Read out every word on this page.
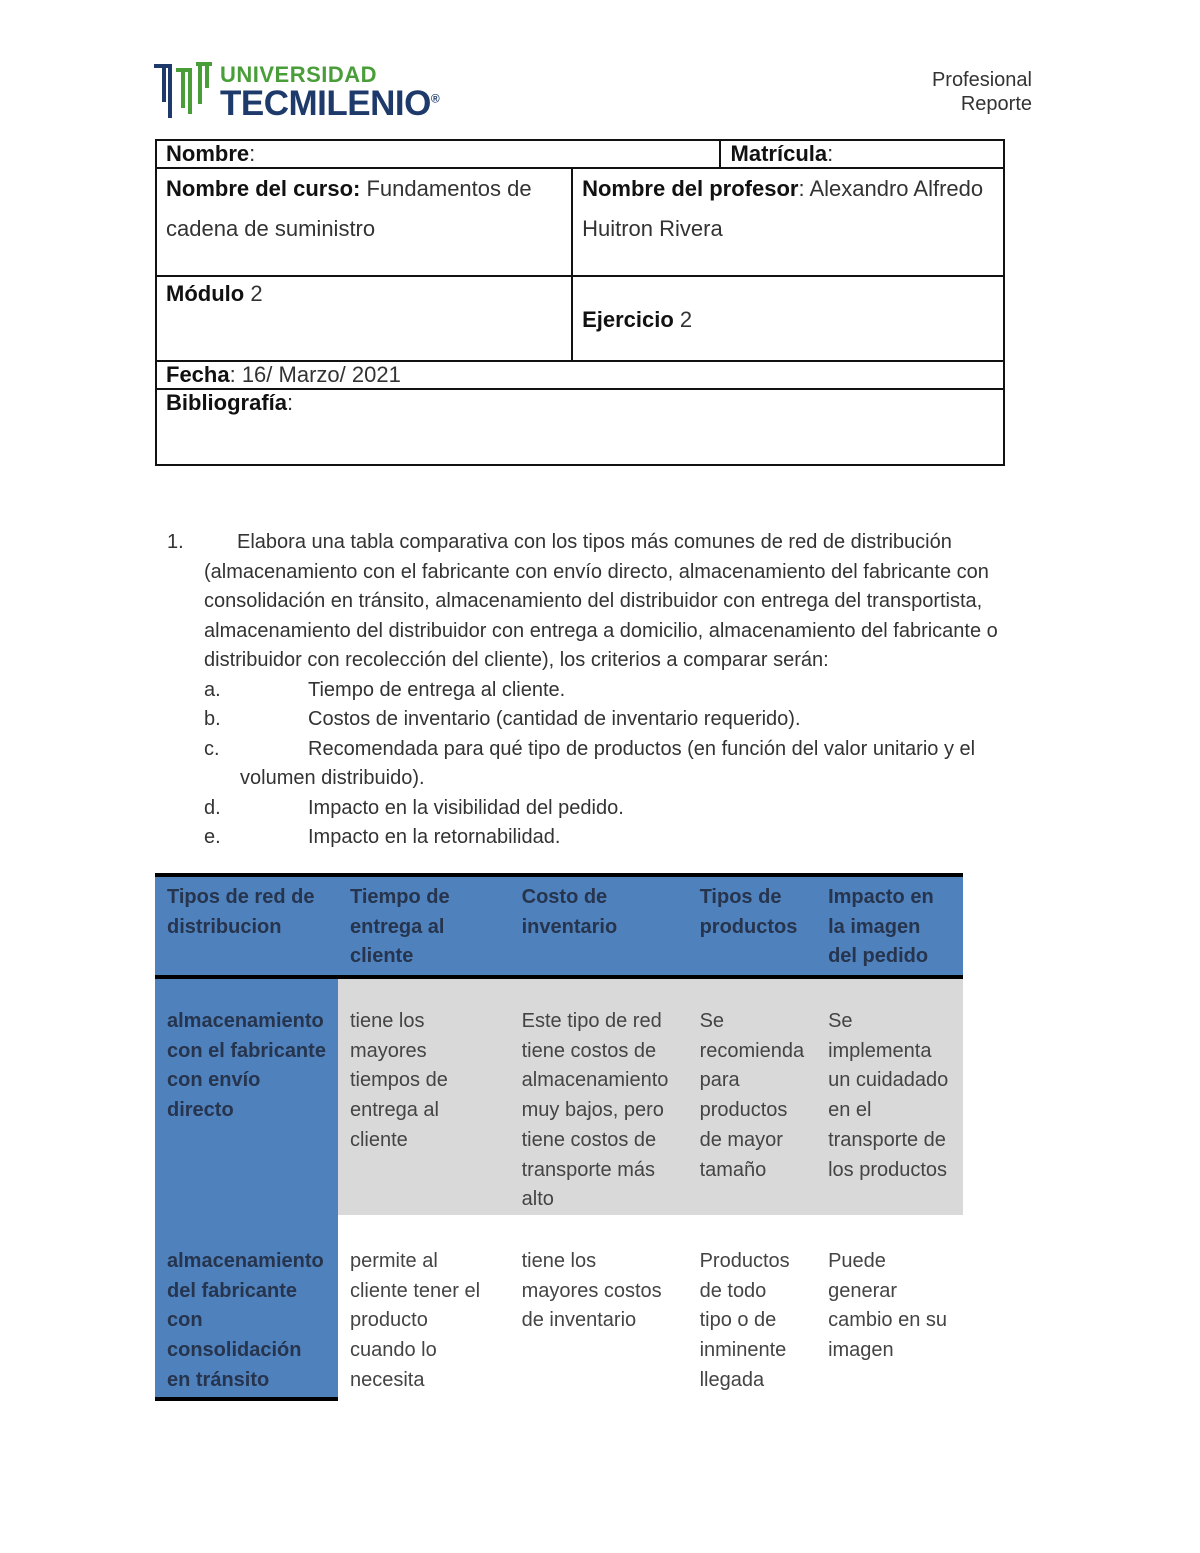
UNIVERSIDAD
TECMILENIO®
Profesional
Reporte
Nombre:		Matrícula:
Nombre del curso: Fundamentos de cadena de suministro	Nombre del profesor: Alexandro Alfredo Huitron Rivera	
Módulo 2	Ejercicio 2	
Fecha: 16/ Marzo/ 2021		
Bibliografía:		
1.	Elabora una tabla comparativa con los tipos más comunes de red de distribución (almacenamiento con el fabricante con envío directo, almacenamiento del fabricante con consolidación en tránsito, almacenamiento del distribuidor con entrega del transportista, almacenamiento del distribuidor con entrega a domicilio, almacenamiento del fabricante o distribuidor con recolección del cliente), los criterios a comparar serán:
a.	Tiempo de entrega al cliente.
b.	Costos de inventario (cantidad de inventario requerido).
c.	Recomendada para qué tipo de productos (en función del valor unitario y el volumen distribuido).
d.	Impacto en la visibilidad del pedido.
e.	Impacto en la retornabilidad.
Tipos de red de distribucion	Tiempo de entrega al cliente	Costo de inventario	Tipos de productos	Impacto en la imagen del pedido
almacenamiento con el fabricante con envío directo	tiene los mayores tiempos de entrega al cliente	Este tipo de red tiene costos de almacenamiento muy bajos, pero tiene costos de transporte más alto	Se recomienda para productos de mayor tamaño	Se implementa un cuidadado en el transporte de los productos
almacenamiento del fabricante con consolidación en tránsito	permite al cliente tener el producto cuando lo necesita	tiene los mayores costos de inventario	Productos de todo tipo o de inminente llegada	Puede generar cambio en su imagen
